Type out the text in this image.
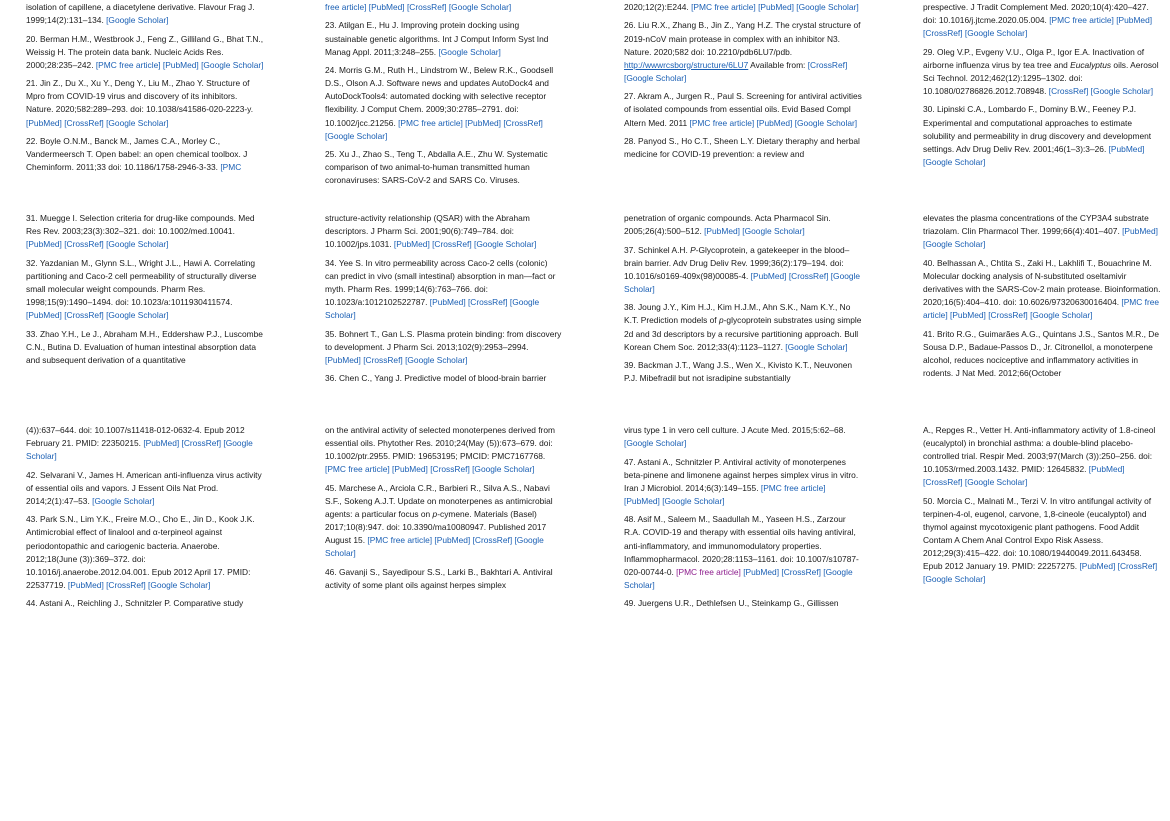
isolation of capillene, a diacetylene derivative. Flavour Frag J. 1999;14(2):131–134. [Google Scholar]
20. Berman H.M., Westbrook J., Feng Z., Gilliland G., Bhat T.N., Weissig H. The protein data bank. Nucleic Acids Res. 2000;28:235–242. [PMC free article] [PubMed] [Google Scholar]
21. Jin Z., Du X., Xu Y., Deng Y., Liu M., Zhao Y. Structure of Mpro from COVID-19 virus and discovery of its inhibitors. Nature. 2020;582:289–293. doi: 10.1038/s41586-020-2223-y. [PubMed] [CrossRef] [Google Scholar]
22. Boyle O.N.M., Banck M., James C.A., Morley C., Vandermeersch T. Open babel: an open chemical toolbox. J Cheminform. 2011;33 doi: 10.1186/1758-2946-3-33. [PMC
free article] [PubMed] [CrossRef] [Google Scholar]
23. Atilgan E., Hu J. Improving protein docking using sustainable genetic algorithms. Int J Comput Inform Syst Ind Manag Appl. 2011;3:248–255. [Google Scholar]
24. Morris G.M., Ruth H., Lindstrom W., Belew R.K., Goodsell D.S., Olson A.J. Software news and updates AutoDock4 and AutoDockTools4: automated docking with selective receptor flexibility. J Comput Chem. 2009;30:2785–2791. doi: 10.1002/jcc.21256. [PMC free article] [PubMed] [CrossRef] [Google Scholar]
25. Xu J., Zhao S., Teng T., Abdalla A.E., Zhu W. Systematic comparison of two animal-to-human transmitted human coronaviruses: SARS-CoV-2 and SARS Co. Viruses.
2020;12(2):E244. [PMC free article] [PubMed] [Google Scholar]
26. Liu R.X., Zhang B., Jin Z., Yang H.Z. The crystal structure of 2019-nCoV main protease in complex with an inhibitor N3. Nature. 2020;582 doi: 10.2210/pdb6LU7/pdb. http://wwwrcsborg/structure/6LU7 Available from: [CrossRef] [Google Scholar]
27. Akram A., Jurgen R., Paul S. Screening for antiviral activities of isolated compounds from essential oils. Evid Based Compl Altern Med. 2011 [PMC free article] [PubMed] [Google Scholar]
28. Panyod S., Ho C.T., Sheen L.Y. Dietary theraphy and herbal medicine for COVID-19 prevention: a review and
prespective. J Tradit Complement Med. 2020;10(4):420–427. doi: 10.1016/j.jtcme.2020.05.004. [PMC free article] [PubMed] [CrossRef] [Google Scholar]
29. Oleg V.P., Evgeny V.U., Olga P., Igor E.A. Inactivation of airborne influenza virus by tea tree and Eucalyptus oils. Aerosol Sci Technol. 2012;462(12):1295–1302. doi: 10.1080/02786826.2012.708948. [CrossRef] [Google Scholar]
30. Lipinski C.A., Lombardo F., Dominy B.W., Feeney P.J. Experimental and computational approaches to estimate solubility and permeability in drug discovery and development settings. Adv Drug Deliv Rev. 2001;46(1–3):3–26. [PubMed] [Google Scholar]
31. Muegge I. Selection criteria for drug-like compounds. Med Res Rev. 2003;23(3):302–321. doi: 10.1002/med.10041. [PubMed] [CrossRef] [Google Scholar]
32. Yazdanian M., Glynn S.L., Wright J.L., Hawi A. Correlating partitioning and Caco-2 cell permeability of structurally diverse small molecular weight compounds. Pharm Res. 1998;15(9):1490–1494. doi: 10.1023/a:1011930411574. [PubMed] [CrossRef] [Google Scholar]
33. Zhao Y.H., Le J., Abraham M.H., Eddershaw P.J., Luscombe C.N., Butina D. Evaluation of human intestinal absorption data and subsequent derivation of a quantitative
structure-activity relationship (QSAR) with the Abraham descriptors. J Pharm Sci. 2001;90(6):749–784. doi: 10.1002/jps.1031. [PubMed] [CrossRef] [Google Scholar]
34. Yee S. In vitro permeability across Caco-2 cells (colonic) can predict in vivo (small intestinal) absorption in man—fact or myth. Pharm Res. 1999;14(6):763–766. doi: 10.1023/a:1012102522787. [PubMed] [CrossRef] [Google Scholar]
35. Bohnert T., Gan L.S. Plasma protein binding: from discovery to development. J Pharm Sci. 2013;102(9):2953–2994. [PubMed] [CrossRef] [Google Scholar]
36. Chen C., Yang J. Predictive model of blood-brain barrier
penetration of organic compounds. Acta Pharmacol Sin. 2005;26(4):500–512. [PubMed] [Google Scholar]
37. Schinkel A.H. P-Glycoprotein, a gatekeeper in the blood–brain barrier. Adv Drug Deliv Rev. 1999;36(2):179–194. doi: 10.1016/s0169-409x(98)00085-4. [PubMed] [CrossRef] [Google Scholar]
38. Joung J.Y., Kim H.J., Kim H.J.M., Ahn S.K., Nam K.Y., No K.T. Prediction models of p-glycoprotein substrates using simple 2d and 3d descriptors by a recursive partitioning approach. Bull Korean Chem Soc. 2012;33(4):1123–1127. [Google Scholar]
39. Backman J.T., Wang J.S., Wen X., Kivisto K.T., Neuvonen P.J. Mibefradil but not isradipine substantially
elevates the plasma concentrations of the CYP3A4 substrate triazolam. Clin Pharmacol Ther. 1999;66(4):401–407. [PubMed] [Google Scholar]
40. Belhassan A., Chtita S., Zaki H., Lakhlifi T., Bouachrine M. Molecular docking analysis of N-substituted oseltamivir derivatives with the SARS-Cov-2 main protease. Bioinformation. 2020;16(5):404–410. doi: 10.6026/97320630016404. [PMC free article] [PubMed] [CrossRef] [Google Scholar]
41. Brito R.G., Guimarães A.G., Quintans J.S., Santos M.R., De Sousa D.P., Badaue-Passos D., Jr. Citronellol, a monoterpene alcohol, reduces nociceptive and inflammatory activities in rodents. J Nat Med. 2012;66(October
(4)):637–644. doi: 10.1007/s11418-012-0632-4. Epub 2012 February 21. PMID: 22350215. [PubMed] [CrossRef] [Google Scholar]
42. Selvarani V., James H. American anti-influenza virus activity of essential oils and vapors. J Essent Oils Nat Prod. 2014;2(1):47–53. [Google Scholar]
43. Park S.N., Lim Y.K., Freire M.O., Cho E., Jin D., Kook J.K. Antimicrobial effect of linalool and α-terpineol against periodontopathic and cariogenic bacteria. Anaerobe. 2012;18(June (3)):369–372. doi: 10.1016/j.anaerobe.2012.04.001. Epub 2012 April 17. PMID: 22537719. [PubMed] [CrossRef] [Google Scholar]
44. Astani A., Reichling J., Schnitzler P. Comparative study
on the antiviral activity of selected monoterpenes derived from essential oils. Phytother Res. 2010;24(May (5)):673–679. doi: 10.1002/ptr.2955. PMID: 19653195; PMCID: PMC7167768. [PMC free article] [PubMed] [CrossRef] [Google Scholar]
45. Marchese A., Arciola C.R., Barbieri R., Silva A.S., Nabavi S.F., Sokeng A.J.T. Update on monoterpenes as antimicrobial agents: a particular focus on p-cymene. Materials (Basel) 2017;10(8):947. doi: 10.3390/ma10080947. Published 2017 August 15. [PMC free article] [PubMed] [CrossRef] [Google Scholar]
46. Gavanji S., Sayedipour S.S., Larki B., Bakhtari A. Antiviral activity of some plant oils against herpes simplex
virus type 1 in vero cell culture. J Acute Med. 2015;5:62–68. [Google Scholar]
47. Astani A., Schnitzler P. Antiviral activity of monoterpenes beta-pinene and limonene against herpes simplex virus in vitro. Iran J Microbiol. 2014;6(3):149–155. [PMC free article] [PubMed] [Google Scholar]
48. Asif M., Saleem M., Saadullah M., Yaseen H.S., Zarzour R.A. COVID-19 and therapy with essential oils having antiviral, anti-inflammatory, and immunomodulatory properties. Inflammopharmacol. 2020;28:1153–1161. doi: 10.1007/s10787-020-00744-0. [PMC free article] [PubMed] [CrossRef] [Google Scholar]
49. Juergens U.R., Dethlefsen U., Steinkamp G., Gillissen
A., Repges R., Vetter H. Anti-inflammatory activity of 1.8-cineol (eucalyptol) in bronchial asthma: a double-blind placebo-controlled trial. Respir Med. 2003;97(March (3)):250–256. doi: 10.1053/rmed.2003.1432. PMID: 12645832. [PubMed] [CrossRef] [Google Scholar]
50. Morcia C., Malnati M., Terzi V. In vitro antifungal activity of terpinen-4-ol, eugenol, carvone, 1,8-cineole (eucalyptol) and thymol against mycotoxigenic plant pathogens. Food Addit Contam A Chem Anal Control Expo Risk Assess. 2012;29(3):415–422. doi: 10.1080/19440049.2011.643458. Epub 2012 January 19. PMID: 22257275. [PubMed] [CrossRef] [Google Scholar]
